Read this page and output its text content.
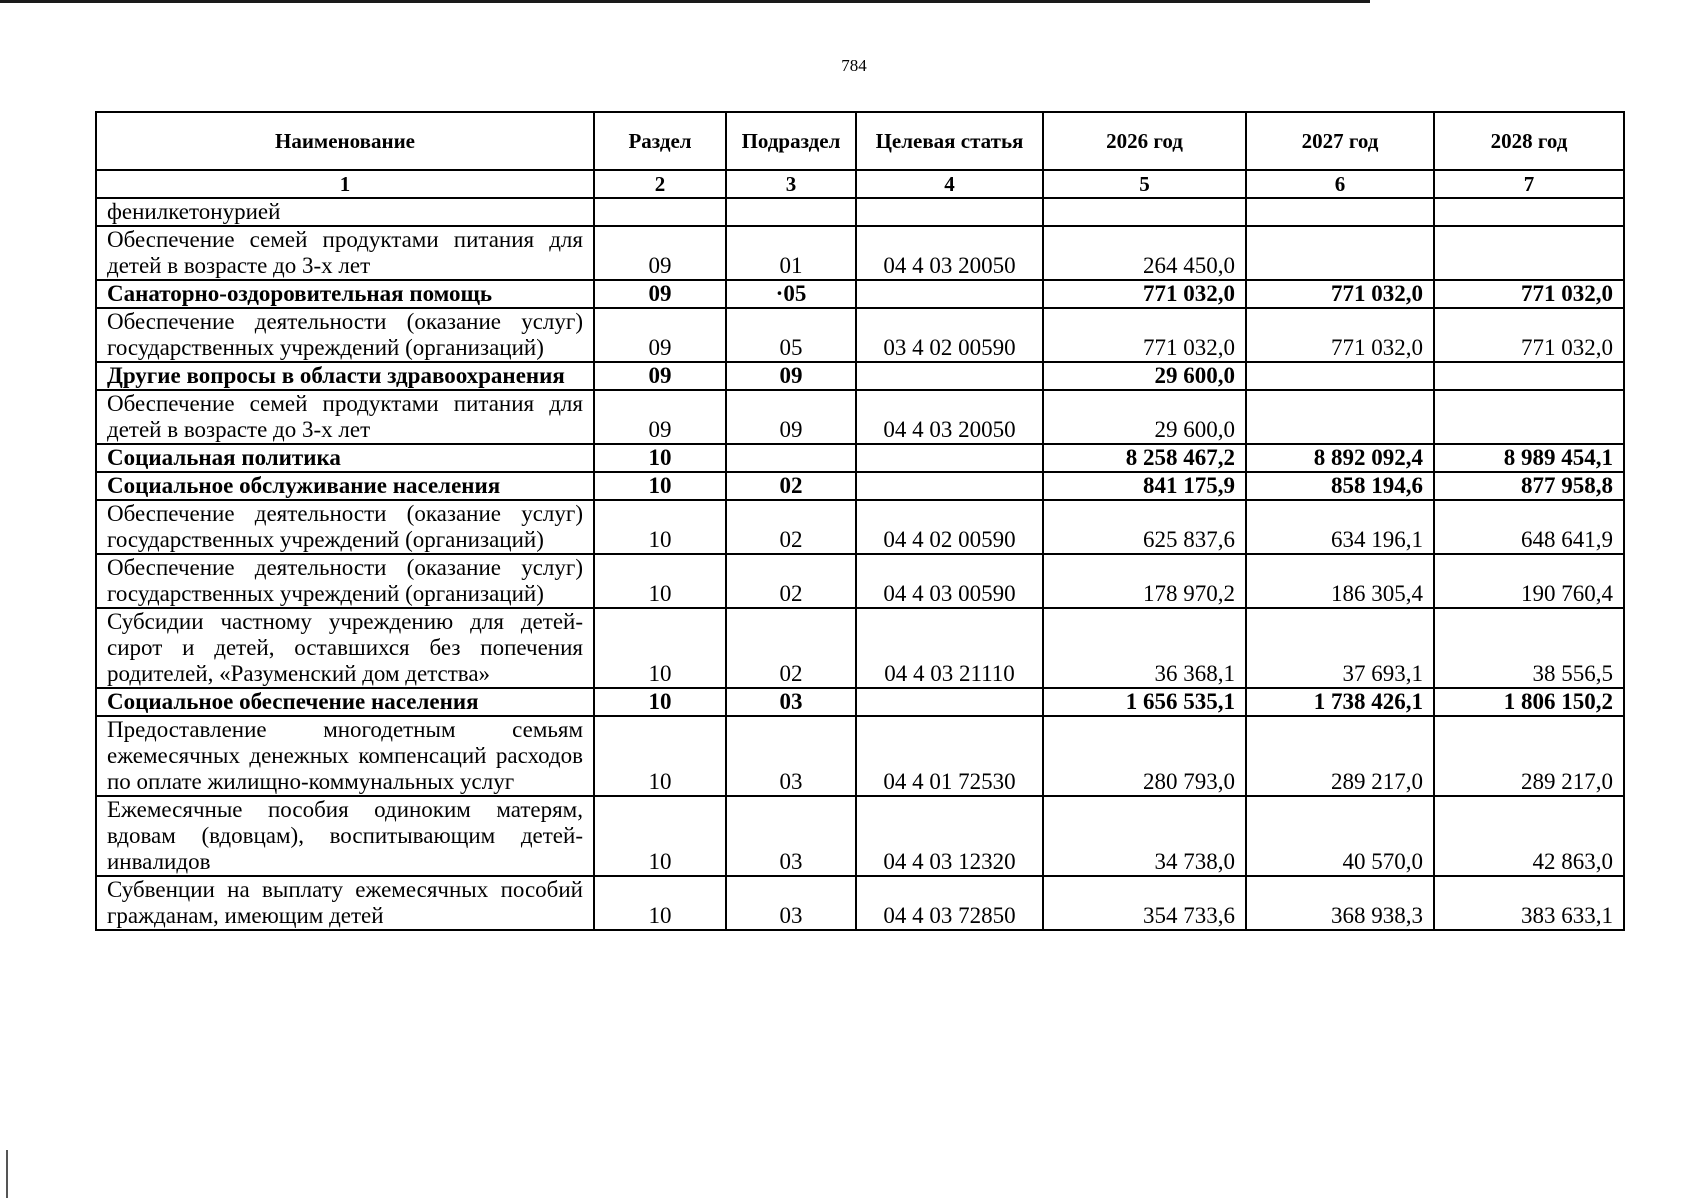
784
Наименование	Раздел	Подраздел	Целевая статья	2026 год	2027 год	2028 год
1	2	3	4	5	6	7
фенилкетонурией						
Обеспечение семей продуктами питания для детей в возрасте до 3-х лет	09	01	04 4 03 20050	264 450,0		
Санаторно-оздоровительная помощь	09	·05		771 032,0	771 032,0	771 032,0
Обеспечение деятельности (оказание услуг) государственных учреждений (организаций)	09	05	03 4 02 00590	771 032,0	771 032,0	771 032,0
Другие вопросы в области здравоохранения	09	09		29 600,0		
Обеспечение семей продуктами питания для детей в возрасте до 3-х лет	09	09	04 4 03 20050	29 600,0		
Социальная политика	10			8 258 467,2	8 892 092,4	8 989 454,1
Социальное обслуживание населения	10	02		841 175,9	858 194,6	877 958,8
Обеспечение деятельности (оказание услуг) государственных учреждений (организаций)	10	02	04 4 02 00590	625 837,6	634 196,1	648 641,9
Обеспечение деятельности (оказание услуг) государственных учреждений (организаций)	10	02	04 4 03 00590	178 970,2	186 305,4	190 760,4
Субсидии частному учреждению для детей-сирот и детей, оставшихся без попечения родителей, «Разуменский дом детства»	10	02	04 4 03 21110	36 368,1	37 693,1	38 556,5
Социальное обеспечение населения	10	03		1 656 535,1	1 738 426,1	1 806 150,2
Предоставление многодетным семьям ежемесячных денежных компенсаций расходов по оплате жилищно-коммунальных услуг	10	03	04 4 01 72530	280 793,0	289 217,0	289 217,0
Ежемесячные пособия одиноким матерям, вдовам (вдовцам), воспитывающим детей-инвалидов	10	03	04 4 03 12320	34 738,0	40 570,0	42 863,0
Субвенции на выплату ежемесячных пособий гражданам, имеющим детей	10	03	04 4 03 72850	354 733,6	368 938,3	383 633,1
